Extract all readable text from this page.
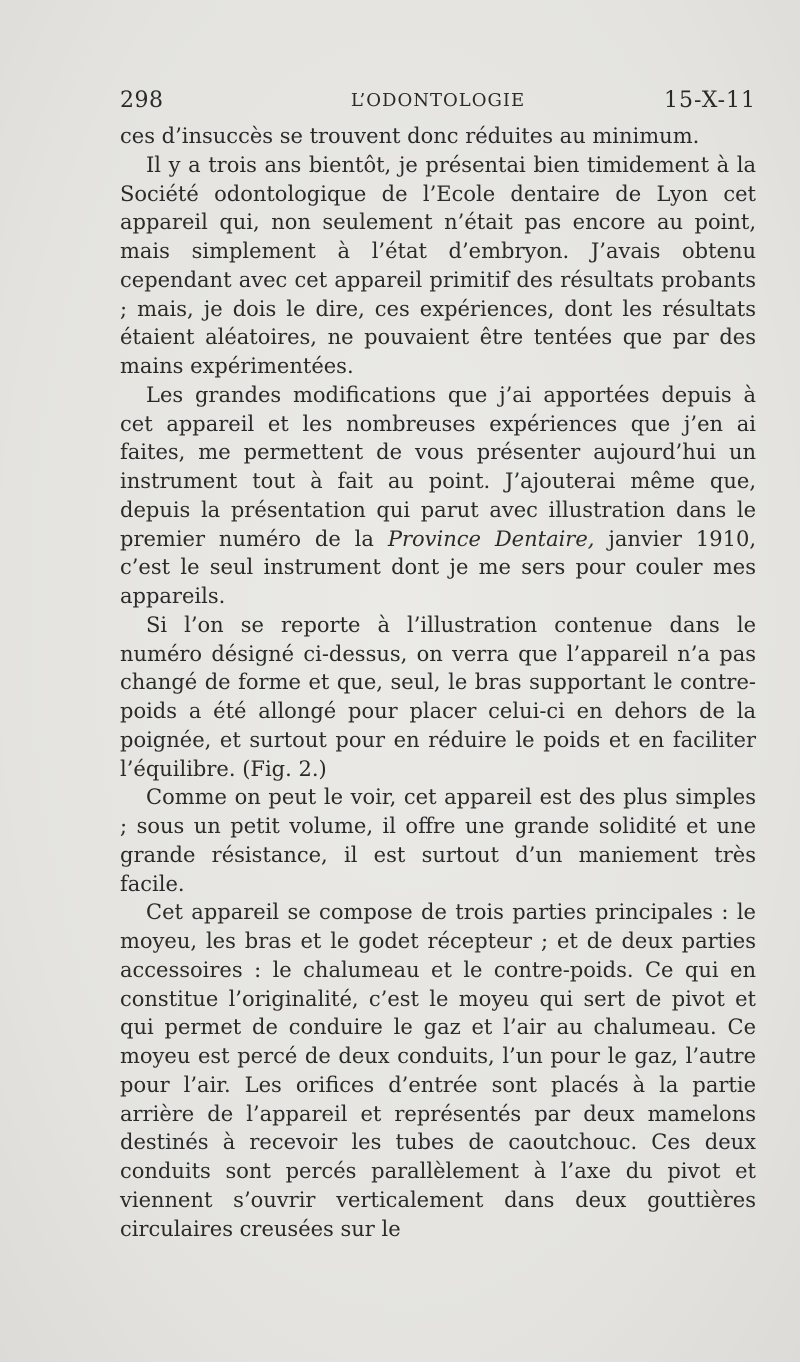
298	L’ODONTOLOGIE	15-X-11

ces d’insuccès se trouvent donc réduites au minimum.

Il y a trois ans bientôt, je présentai bien timidement à la Société odontologique de l’Ecole dentaire de Lyon cet appareil qui, non seulement n’était pas encore au point, mais simplement à l’état d’embryon. J’avais obtenu cependant avec cet appareil primitif des résultats probants ; mais, je dois le dire, ces expériences, dont les résultats étaient aléatoires, ne pouvaient être tentées que par des mains expérimentées.

Les grandes modifications que j’ai apportées depuis à cet appareil et les nombreuses expériences que j’en ai faites, me permettent de vous présenter aujourd’hui un instrument tout à fait au point. J’ajouterai même que, depuis la présentation qui parut avec illustration dans le premier numéro de la Province Dentaire, janvier 1910, c’est le seul instrument dont je me sers pour couler mes appareils.

Si l’on se reporte à l’illustration contenue dans le numéro désigné ci-dessus, on verra que l’appareil n’a pas changé de forme et que, seul, le bras supportant le contre-poids a été allongé pour placer celui-ci en dehors de la poignée, et surtout pour en réduire le poids et en faciliter l’équilibre. (Fig. 2.)

Comme on peut le voir, cet appareil est des plus simples ; sous un petit volume, il offre une grande solidité et une grande résistance, il est surtout d’un maniement très facile.

Cet appareil se compose de trois parties principales : le moyeu, les bras et le godet récepteur ; et de deux parties accessoires : le chalumeau et le contre-poids. Ce qui en constitue l’originalité, c’est le moyeu qui sert de pivot et qui permet de conduire le gaz et l’air au chalumeau. Ce moyeu est percé de deux conduits, l’un pour le gaz, l’autre pour l’air. Les orifices d’entrée sont placés à la partie arrière de l’appareil et représentés par deux mamelons destinés à recevoir les tubes de caoutchouc. Ces deux conduits sont percés parallèlement à l’axe du pivot et viennent s’ouvrir verticalement dans deux gouttières circulaires creusées sur le
